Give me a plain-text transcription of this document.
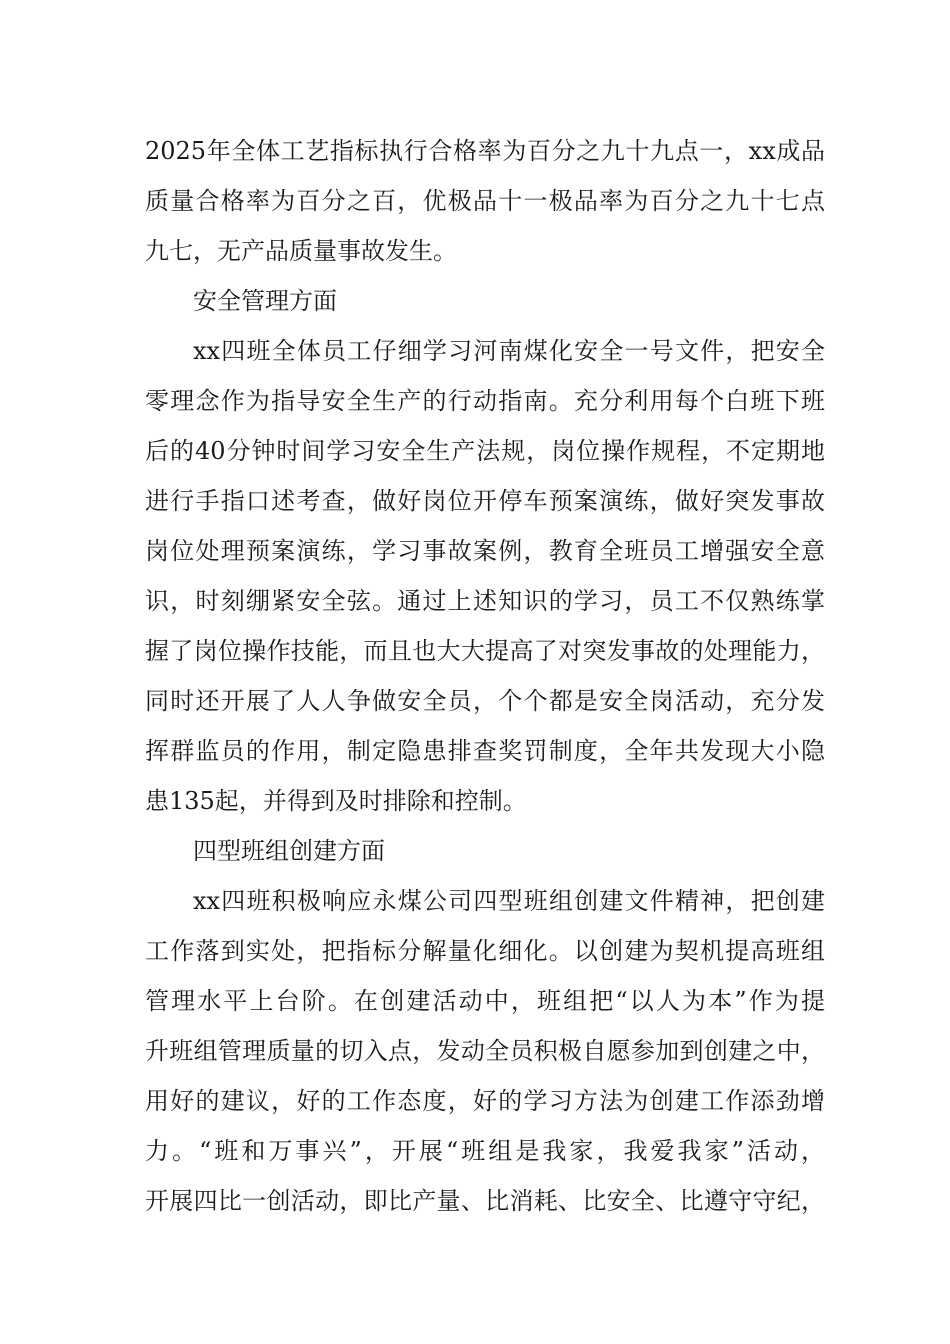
2025年全体工艺指标执行合格率为百分之九十九点一，xx成品
质量合格率为百分之百，优极品十一极品率为百分之九十七点
九七，无产品质量事故发生。
安全管理方面
xx四班全体员工仔细学习河南煤化安全一号文件，把安全
零理念作为指导安全生产的行动指南。充分利用每个白班下班
后的40分钟时间学习安全生产法规，岗位操作规程，不定期地
进行手指口述考查，做好岗位开停车预案演练，做好突发事故
岗位处理预案演练，学习事故案例，教育全班员工增强安全意
识，时刻绷紧安全弦。通过上述知识的学习，员工不仅熟练掌
握了岗位操作技能，而且也大大提高了对突发事故的处理能力，
同时还开展了人人争做安全员，个个都是安全岗活动，充分发
挥群监员的作用，制定隐患排查奖罚制度，全年共发现大小隐
患135起，并得到及时排除和控制。
四型班组创建方面
xx四班积极响应永煤公司四型班组创建文件精神，把创建
工作落到实处，把指标分解量化细化。以创建为契机提高班组
管理水平上台阶。在创建活动中，班组把“以人为本”作为提
升班组管理质量的切入点，发动全员积极自愿参加到创建之中，
用好的建议，好的工作态度，好的学习方法为创建工作添劲增
力。“班和万事兴”，开展“班组是我家，我爱我家”活动，
开展四比一创活动，即比产量、比消耗、比安全、比遵守守纪，
